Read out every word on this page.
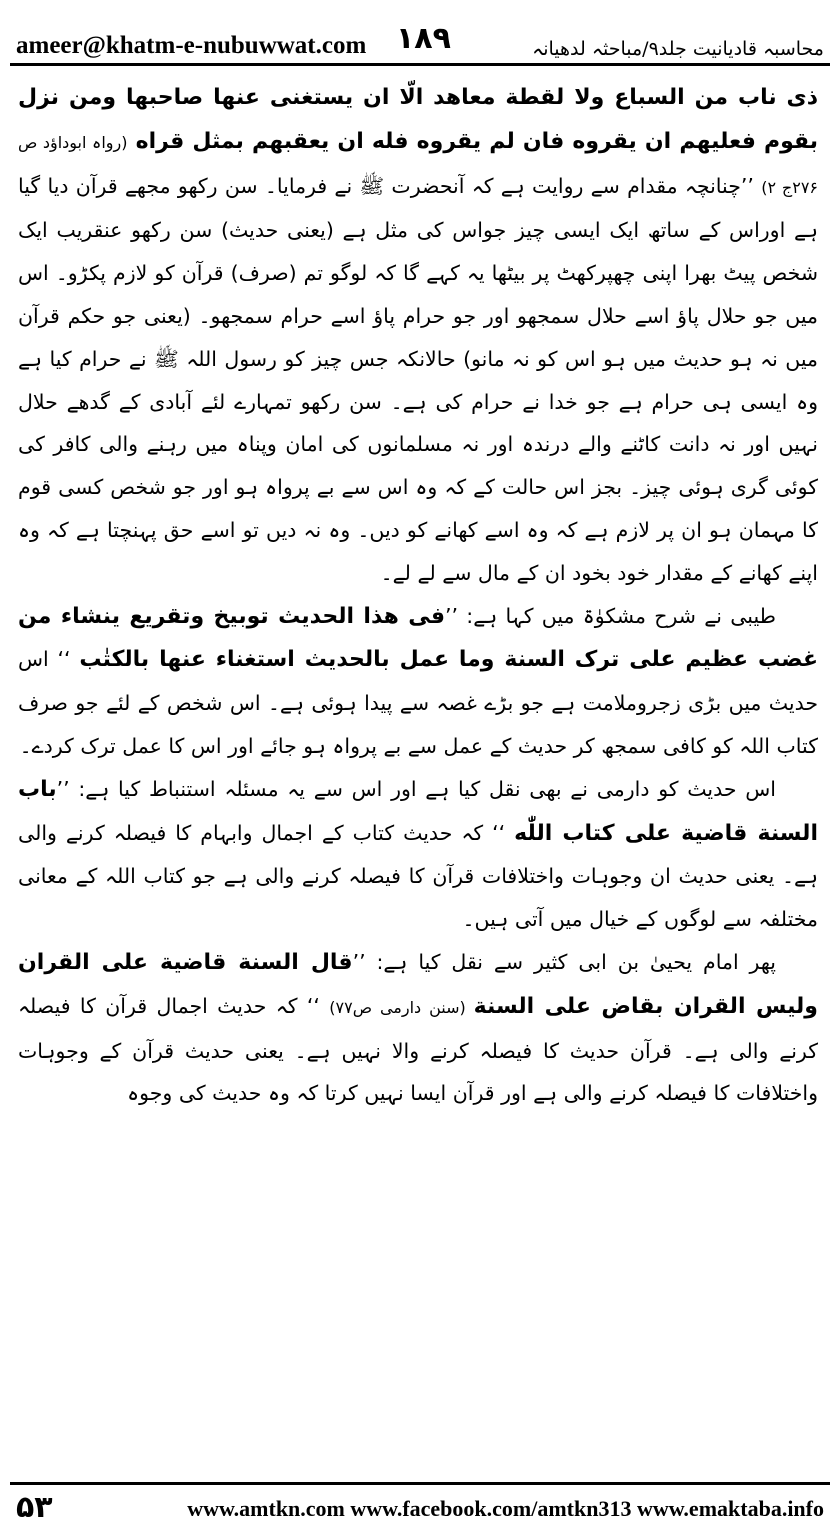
ameer@khatm-e-nubuwwat.com ۱۸۹	محاسبہ قادیانیت جلد۹/مباحثہ لدھیانہ

ذی ناب من السباع ولا لقطة معاهد الّا ان یستغنی عنها صاحبها ومن نزل بقوم فعلیهم ان یقروه فان لم یقروه فله ان یعقبهم بمثل قراه (رواہ ابوداؤد ص ۲۷۶ج ۲) ’’چنانچہ مقدام سے روایت ہے کہ آنحضرت ﷺ نے فرمایا۔ سن رکھو مجھے قرآن دیا گیا ہے اوراس کے ساتھ ایک ایسی چیز جواس کی مثل ہے (یعنی حدیث) سن رکھو عنقریب ایک شخص پیٹ بھرا اپنی چھپرکھٹ پر بیٹھا یہ کہے گا کہ لوگو تم (صرف) قرآن کو لازم پکڑو۔ اس میں جو حلال پاؤ اسے حلال سمجھو اور جو حرام پاؤ اسے حرام سمجھو۔ (یعنی جو حکم قرآن میں نہ ہو حدیث میں ہو اس کو نہ مانو) حالانکہ جس چیز کو رسول اللہ ﷺ نے حرام کیا ہے وہ ایسی ہی حرام ہے جو خدا نے حرام کی ہے۔ سن رکھو تمہارے لئے آبادی کے گدھے حلال نہیں اور نہ دانت کاٹنے والے درندہ اور نہ مسلمانوں کی امان وپناہ میں رہنے والی کافر کی کوئی گری ہوئی چیز۔ بجز اس حالت کے کہ وہ اس سے بے پرواہ ہو اور جو شخص کسی قوم کا مہمان ہو ان پر لازم ہے کہ وہ اسے کھانے کو دیں۔ وہ نہ دیں تو اسے حق پہنچتا ہے کہ وہ اپنے کھانے کے مقدار خود بخود ان کے مال سے لے لے۔

طیبی نے شرح مشکوٰۃ میں کہا ہے: ’’فی هذا الحدیث توبیخ وتقریع ینشاء من غضب عظیم علی ترک السنة وما عمل بالحدیث استغناء عنها بالکتٰب ‘‘ اس حدیث میں بڑی زجروملامت ہے جو بڑے غصہ سے پیدا ہوئی ہے۔ اس شخص کے لئے جو صرف کتاب اللہ کو کافی سمجھ کر حدیث کے عمل سے بے پرواہ ہو جائے اور اس کا عمل ترک کردے۔

اس حدیث کو دارمی نے بھی نقل کیا ہے اور اس سے یہ مسئلہ استنباط کیا ہے: ’’باب السنة قاضیة علی کتاب اللّٰه ‘‘ کہ حدیث کتاب کے اجمال وابہام کا فیصلہ کرنے والی ہے۔ یعنی حدیث ان وجوہات واختلافات قرآن کا فیصلہ کرنے والی ہے جو کتاب اللہ کے معانی مختلفہ سے لوگوں کے خیال میں آتی ہیں۔

پھر امام یحییٰ بن ابی کثیر سے نقل کیا ہے: ’’قال السنة قاضیة علی القران ولیس القران بقاض علی السنة (سنن دارمی ص۷۷) ‘‘ کہ حدیث اجمال قرآن کا فیصلہ کرنے والی ہے۔ قرآن حدیث کا فیصلہ کرنے والا نہیں ہے۔ یعنی حدیث قرآن کے وجوہات واختلافات کا فیصلہ کرنے والی ہے اور قرآن ایسا نہیں کرتا کہ وہ حدیث کی وجوہ

۵۳	www.amtkn.com www.facebook.com/amtkn313 www.emaktaba.info
